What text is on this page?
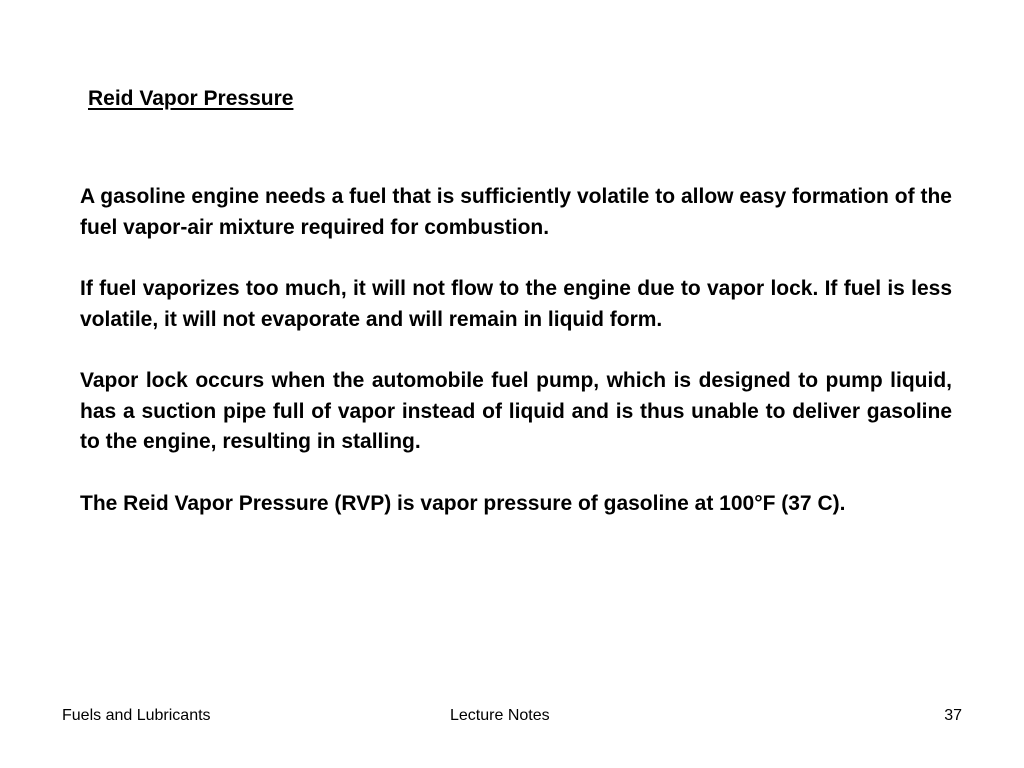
Reid Vapor Pressure

A gasoline engine needs a fuel that is sufficiently volatile to allow easy formation of the fuel vapor-air mixture required for combustion.

If fuel vaporizes too much, it will not flow to the engine due to vapor lock. If fuel is less volatile, it will not evaporate and will remain in liquid form.

Vapor lock occurs when the automobile fuel pump, which is designed to pump liquid, has a suction pipe full of vapor instead of liquid and is thus unable to deliver gasoline to the engine, resulting in stalling.

The Reid Vapor Pressure (RVP) is vapor pressure of gasoline at 100°F (37 C).

Fuels and Lubricants	Lecture Notes	37
